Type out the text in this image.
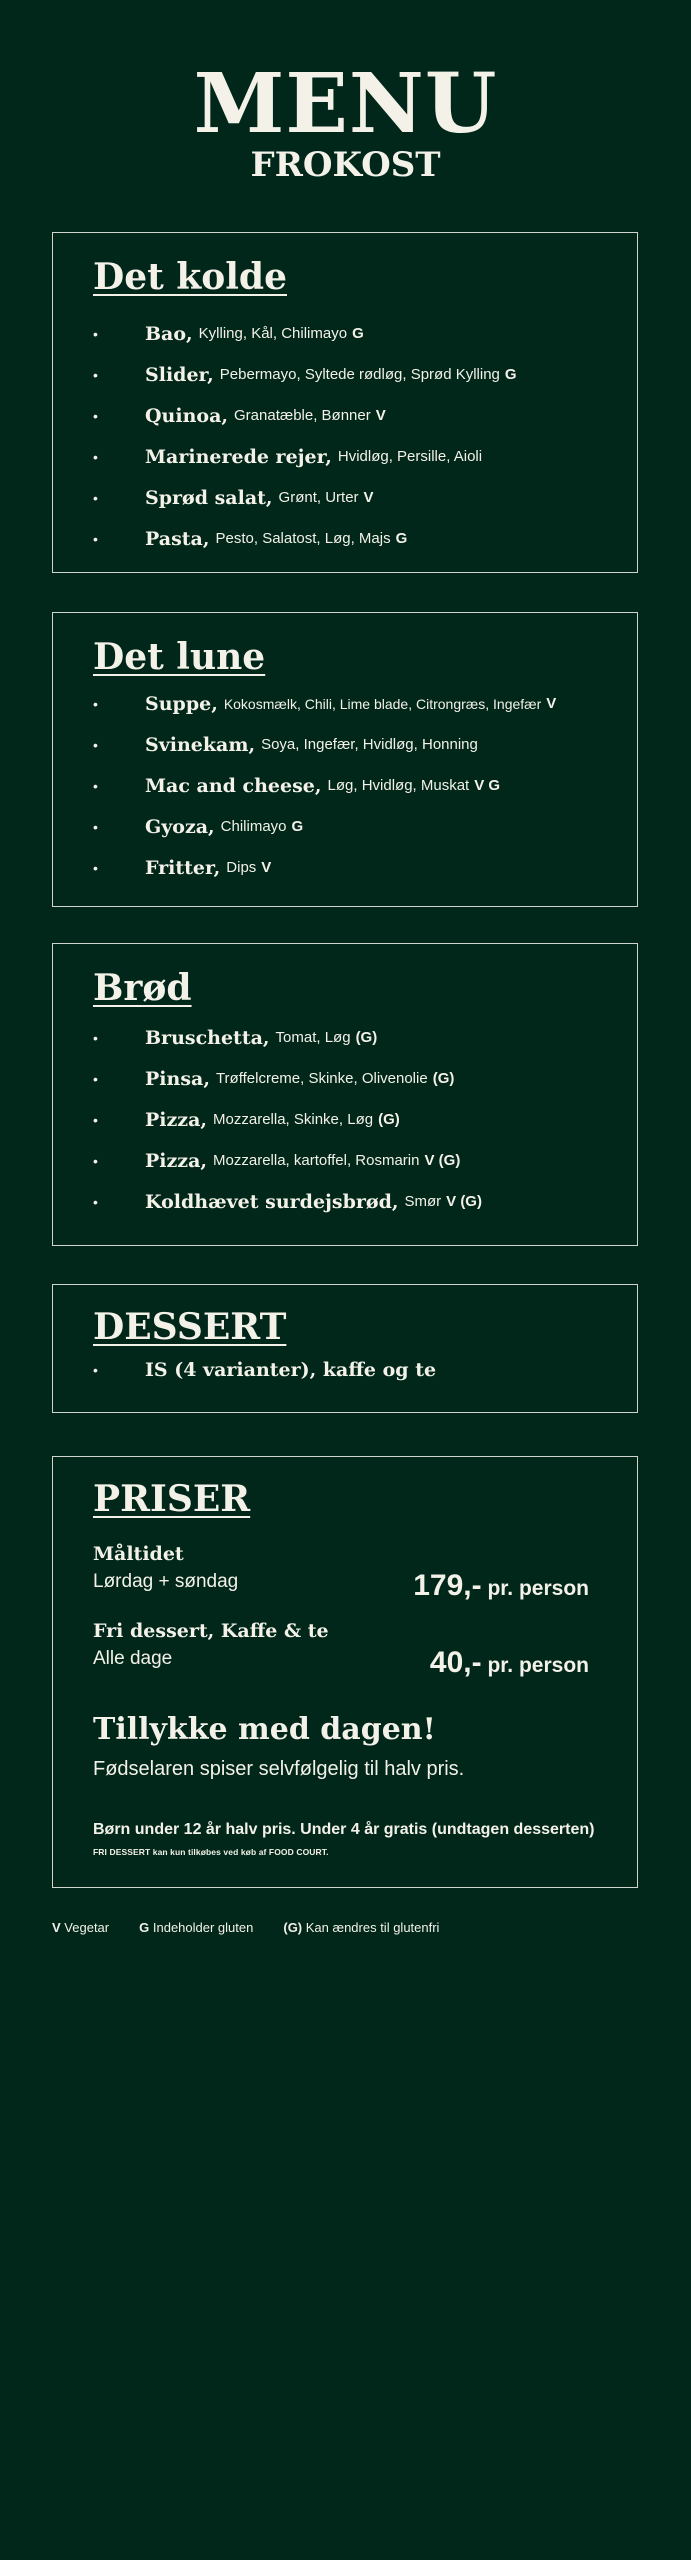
MENU
FROKOST
Det kolde
•	Bao, Kylling, Kål, Chilimayo G
•	Slider, Pebermayo, Syltede rødløg, Sprød Kylling G
•	Quinoa, Granatæble, Bønner V
•	Marinerede rejer, Hvidløg, Persille, Aioli
•	Sprød salat, Grønt, Urter V
•	Pasta, Pesto, Salatost, Løg, Majs G
Det lune
•	Suppe, Kokosmælk, Chili, Lime blade, Citrongræs, Ingefær V
•	Svinekam, Soya, Ingefær, Hvidløg, Honning
•	Mac and cheese, Løg, Hvidløg, Muskat V G
•	Gyoza, Chilimayo G
•	Fritter, Dips V
Brød
•	Bruschetta, Tomat, Løg (G)
•	Pinsa, Trøffelcreme, Skinke, Olivenolie (G)
•	Pizza, Mozzarella, Skinke, Løg (G)
•	Pizza, Mozzarella, kartoffel, Rosmarin V (G)
•	Koldhævet surdejsbrød, Smør V (G)
DESSERT
•	IS (4 varianter), kaffe og te
PRISER
Måltidet
Lørdag + søndag	179,- pr. person
Fri dessert, Kaffe & te
Alle dage	40,- pr. person
Tillykke med dagen!
Fødselaren spiser selvfølgelig til halv pris.
Børn under 12 år halv pris. Under 4 år gratis (undtagen desserten)
FRI DESSERT kan kun tilkøbes ved køb af FOOD COURT.
V Vegetar G Indeholder gluten (G) Kan ændres til glutenfri
